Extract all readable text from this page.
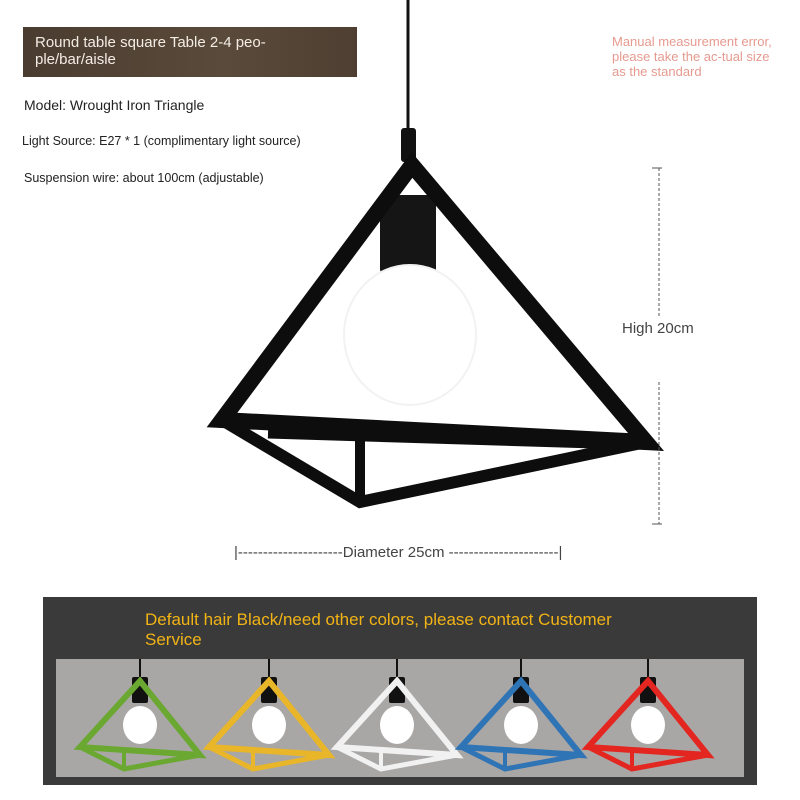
Round table square Table 2-4 peo-ple/bar/aisle
Manual measurement error, please take the ac-tual size as the standard
Model: Wrought Iron Triangle
Light Source: E27 * 1 (complimentary light source)
Suspension wire: about 100cm (adjustable)
High 20cm
|---------------------Diameter 25cm ----------------------|
Default hair Black/need other colors, please contact Customer Service
